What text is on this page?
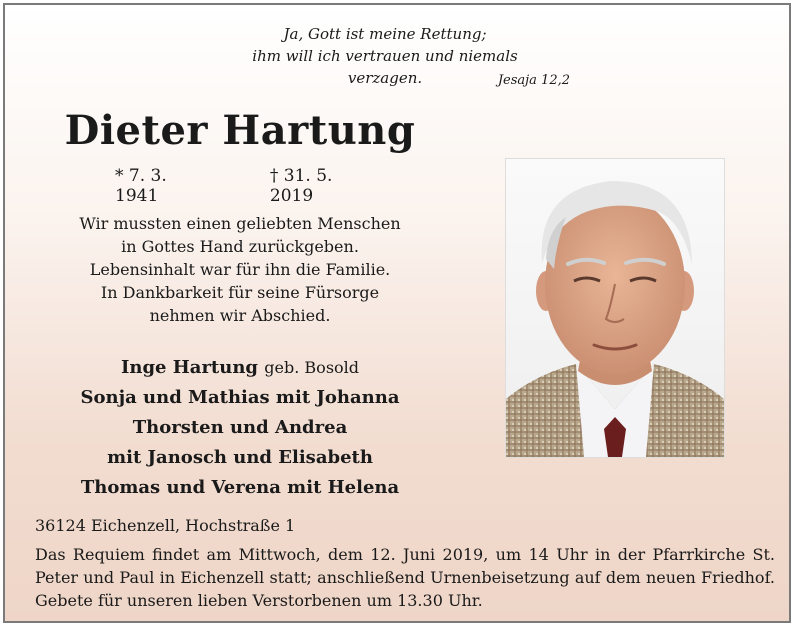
Ja, Gott ist meine Rettung;
ihm will ich vertrauen und niemals verzagen.	Jesaja 12,2
Dieter Hartung
* 7. 3. 1941
† 31. 5. 2019
Wir mussten einen geliebten Menschen
in Gottes Hand zurückgeben.
Lebensinhalt war für ihn die Familie.
In Dankbarkeit für seine Fürsorge
nehmen wir Abschied.
Inge Hartung geb. Bosold
Sonja und Mathias mit Johanna
Thorsten und Andrea
mit Janosch und Elisabeth
Thomas und Verena mit Helena
36124 Eichenzell, Hochstraße 1
Das Requiem findet am Mittwoch, dem 12. Juni 2019, um 14 Uhr in der Pfarrkirche St. Peter und Paul in Eichenzell statt; anschließend Urnenbeisetzung auf dem neuen Friedhof. Gebete für unseren lieben Verstorbenen um 13.30 Uhr.
